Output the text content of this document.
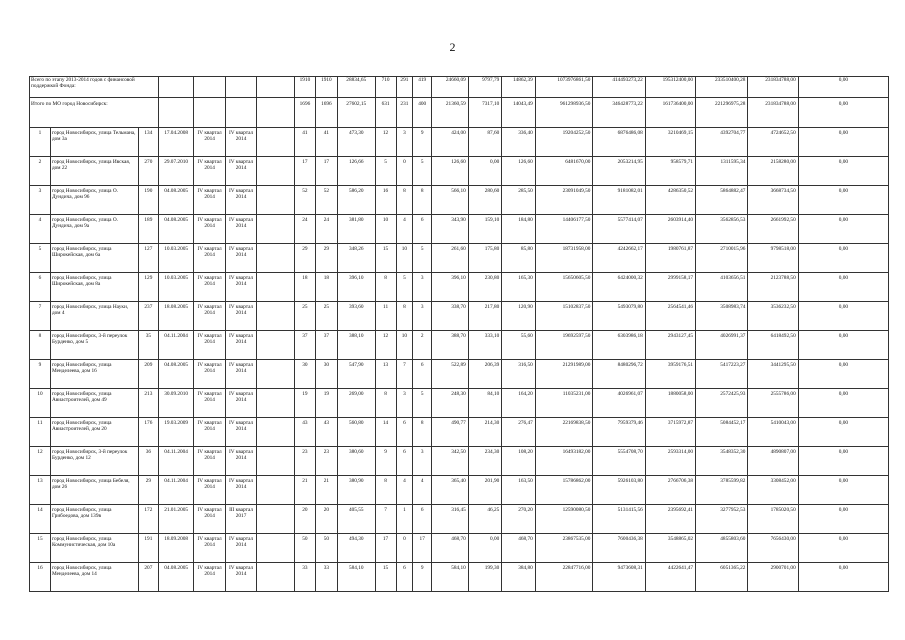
2
Всего по этапу 2013-2014 годов с финансовой поддержкой Фонда:							1910	1910	28834,65	710	291	419	24660,09	9797,79	14862,39	1073976861,50	414493273,22	195312400,00	233510400,28	231834788,00	0,00
Итого по МО город Новосибирск:							1696	1696	27602,15	631	231	400	21360,59	7317,10	14043,49	961298936,50	346428773,22	161736400,00	221296975,28	231834788,00	0,00
1	город Новосибирск, улица Тельмана, дом 3а	134	17.04.2008	IV квартал 2014	IV квартал 2014		41	41	473,30	12	3	9	424,00	87,60	336,40	19204252,50	6876486,08	3210469,15	4392704,77	4724652,50	0,00
2	город Новосибирск, улица Ивская, дом 22	270	29.07.2010	IV квартал 2014	IV квартал 2014		17	17	126,66	5	0	5	126,60	0,00	126,60	6481670,00	2053214,95	958579,71	1311595,34	2158280,00	0,00
3	город Новосибирск, улица О. Дундича, дом 96	190	04.08.2005	IV квартал 2014	IV квартал 2014		52	52	586,20	16	8	8	566,10	280,60	285,50	23091049,50	9181082,01	4286350,52	5864882,47	3668734,50	0,00
4	город Новосибирск, улица О. Дундича, дом 9а	189	04.08.2005	IV квартал 2014	IV квартал 2014		24	24	381,80	10	4	6	343,90	159,10	184,80	14406177,50	5577414,07	2603914,40	3562856,53	2661992,50	0,00
5	город Новосибирск, улица Широкейская, дом 6а	127	10.03.2005	IV квартал 2014	IV квартал 2014		29	29	348,26	15	10	5	261,60	175,80	85,80	18731958,00	4242662,17	1980761,87	2710015,96	9798518,00	0,00
6	город Новосибирск, улица Широкейская, дом 8а	129	10.03.2005	IV квартал 2014	IV квартал 2014		18	18	396,10	8	5	3	396,10	230,80	165,30	15650605,50	6424000,32	2999158,17	4103656,51	2123788,50	0,00
7	город Новосибирск, улица Науки, дом 4	237	18.08.2005	IV квартал 2014	IV квартал 2014		25	25	393,60	11	8	3	338,70	217,80	120,90	15102837,50	5493079,80	2564541,46	3508983,74	3536232,50	0,00
8	город Новосибирск, 3-й переулок Бурденко, дом 5	35	04.11.2004	IV квартал 2014	IV квартал 2014		37	37	388,10	12	10	2	388,70	333,10	55,60	19692597,50	6303986,18	2943127,45	4026991,37	6418492,50	0,00
9	город Новосибирск, улица Менделеева, дом 16	209	04.08.2005	IV квартал 2014	IV квартал 2014		30	30	547,90	13	7	6	522,89	206,39	316,50	21291989,00	8480296,72	3959176,51	5417223,27	3441295,50	0,00
10	город Новосибирск, улица Авиастроителей, дом 49	213	30.09.2010	IV квартал 2014	IV квартал 2014		19	19	269,00	8	3	5	248,30	84,10	164,20	11035231,00	4026961,07	1880058,00	2572425,93	2555786,00	0,00
11	город Новосибирск, улица Авиастроителей, дом 20	176	19.03.2009	IV квартал 2014	IV квартал 2014		43	43	560,80	14	6	8	490,77	214,30	276,47	22169838,50	7959379,46	3715972,87	5084452,17	5410043,00	0,00
12	город Новосибирск, 3-й переулок Бурденко, дом 12	36	04.11.2004	IV квартал 2014	IV квартал 2014		23	23	380,60	9	6	3	342,50	234,30	108,20	16493182,00	5554708,70	2593314,00	3548352,30	4890807,00	0,00
13	город Новосибирск, улица Бебеля, дом 26	29	04.11.2004	IV квартал 2014	IV квартал 2014		21	21	380,90	8	4	4	365,40	201,90	163,50	15786862,00	5926103,80	2766706,38	3785599,82	3308452,00	0,00
14	город Новосибирск, улица Грибоедова, дом 139в	172	21.01.2005	IV квартал 2014	III квартал 2017		20	20	405,55	7	1	6	316,45	46,25	270,20	12590080,50	5131415,56	2395692,41	3277952,53	1785020,50	0,00
15	город Новосибирск, улица Коммунистическая, дом 10а	191	18.09.2008	IV квартал 2014	IV квартал 2014		50	50	494,30	17	0	17	468,70	0,00	468,70	23867535,00	7600436,38	3548865,02	4855803,60	7656430,00	0,00
16	город Новосибирск, улица Менделеева, дом 14	207	04.08.2005	IV квартал 2014	IV квартал 2014		33	33	584,10	15	6	9	584,10	199,30	384,80	22847716,00	9473608,31	4422641,47	6051365,22	2900701,00	0,00
